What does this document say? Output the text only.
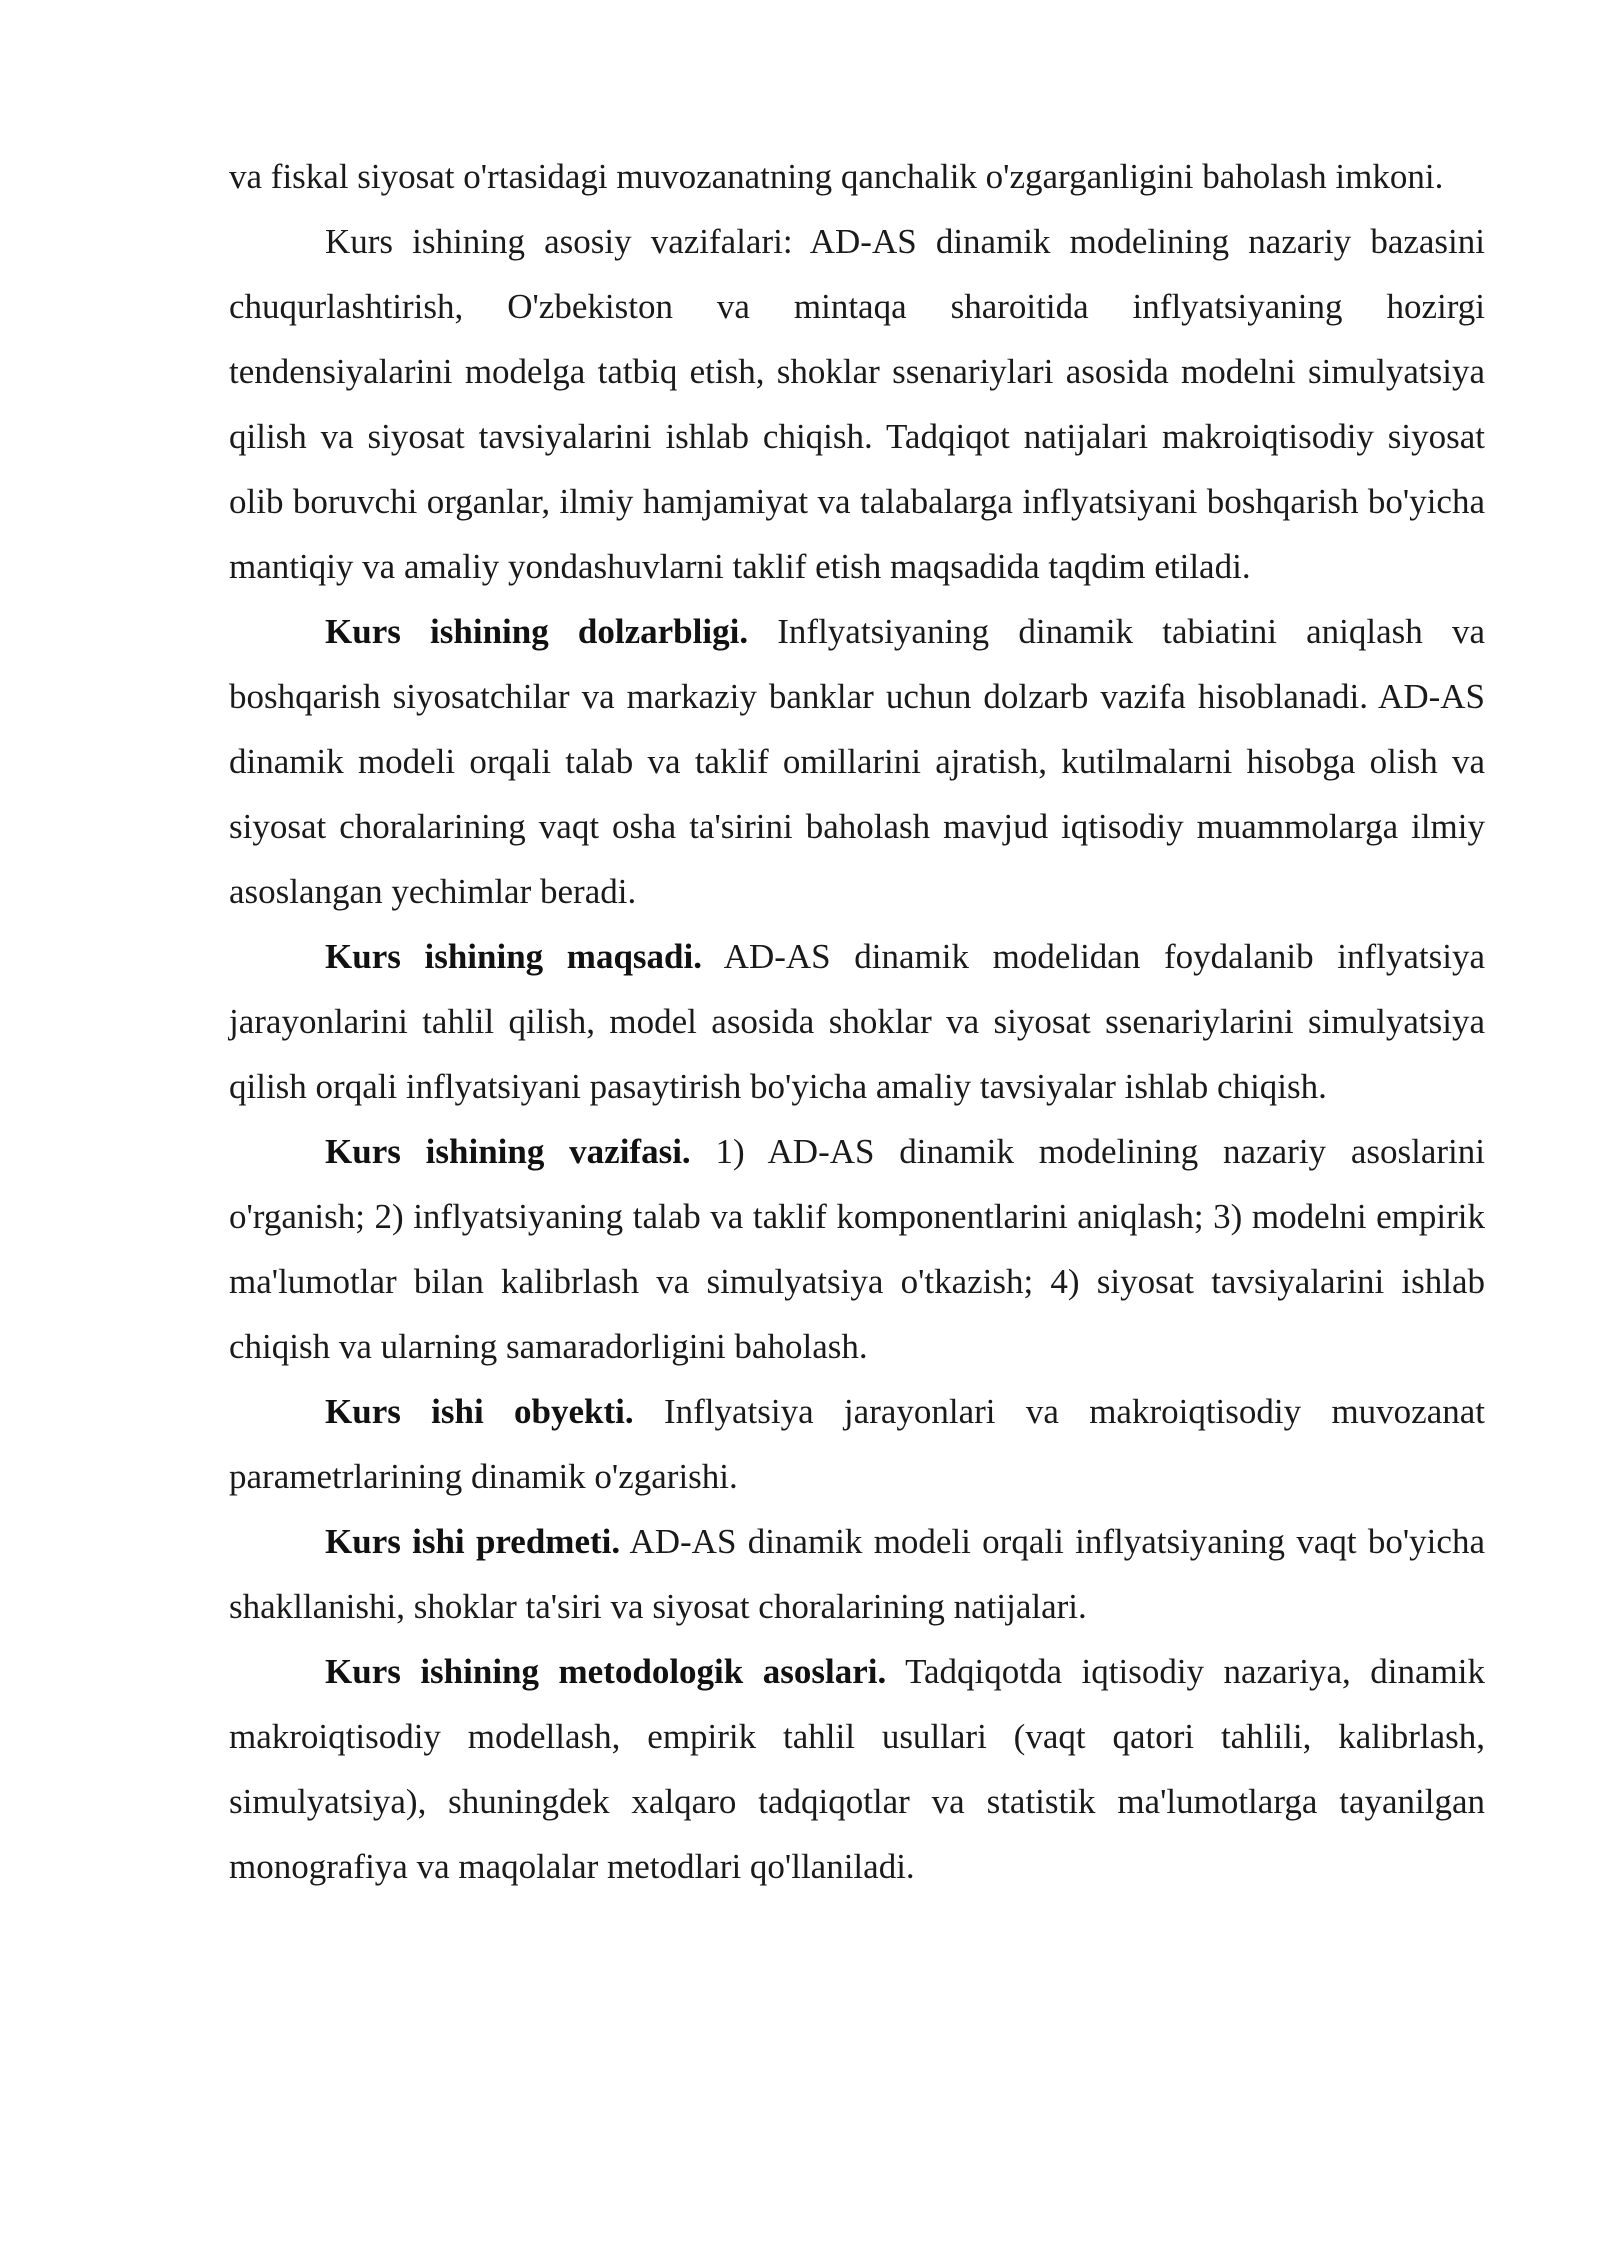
va fiskal siyosat o'rtasidagi muvozanatning qanchalik o'zgarganligini baholash imkoni.

Kurs ishining asosiy vazifalari: AD-AS dinamik modelining nazariy bazasini chuqurlashtirish, O'zbekiston va mintaqa sharoitida inflyatsiyaning hozirgi tendensiyalarini modelga tatbiq etish, shoklar ssenariylari asosida modelni simulyatsiya qilish va siyosat tavsiyalarini ishlab chiqish. Tadqiqot natijalari makroiqtisodiy siyosat olib boruvchi organlar, ilmiy hamjamiyat va talabalarga inflyatsiyani boshqarish bo'yicha mantiqiy va amaliy yondashuvlarni taklif etish maqsadida taqdim etiladi.

Kurs ishining dolzarbligi. Inflyatsiyaning dinamik tabiatini aniqlash va boshqarish siyosatchilar va markaziy banklar uchun dolzarb vazifa hisoblanadi. AD-AS dinamik modeli orqali talab va taklif omillarini ajratish, kutilmalarni hisobga olish va siyosat choralarining vaqt osha ta'sirini baholash mavjud iqtisodiy muammolarga ilmiy asoslangan yechimlar beradi.

Kurs ishining maqsadi. AD-AS dinamik modelidan foydalanib inflyatsiya jarayonlarini tahlil qilish, model asosida shoklar va siyosat ssenariylarini simulyatsiya qilish orqali inflyatsiyani pasaytirish bo'yicha amaliy tavsiyalar ishlab chiqish.

Kurs ishining vazifasi. 1) AD-AS dinamik modelining nazariy asoslarini o'rganish; 2) inflyatsiyaning talab va taklif komponentlarini aniqlash; 3) modelni empirik ma'lumotlar bilan kalibrlash va simulyatsiya o'tkazish; 4) siyosat tavsiyalarini ishlab chiqish va ularning samaradorligini baholash.

Kurs ishi obyekti. Inflyatsiya jarayonlari va makroiqtisodiy muvozanat parametrlarining dinamik o'zgarishi.

Kurs ishi predmeti. AD-AS dinamik modeli orqali inflyatsiyaning vaqt bo'yicha shakllanishi, shoklar ta'siri va siyosat choralarining natijalari.

Kurs ishining metodologik asoslari. Tadqiqotda iqtisodiy nazariya, dinamik makroiqtisodiy modellash, empirik tahlil usullari (vaqt qatori tahlili, kalibrlash, simulyatsiya), shuningdek xalqaro tadqiqotlar va statistik ma'lumotlarga tayanilgan monografiya va maqolalar metodlari qo'llaniladi.
